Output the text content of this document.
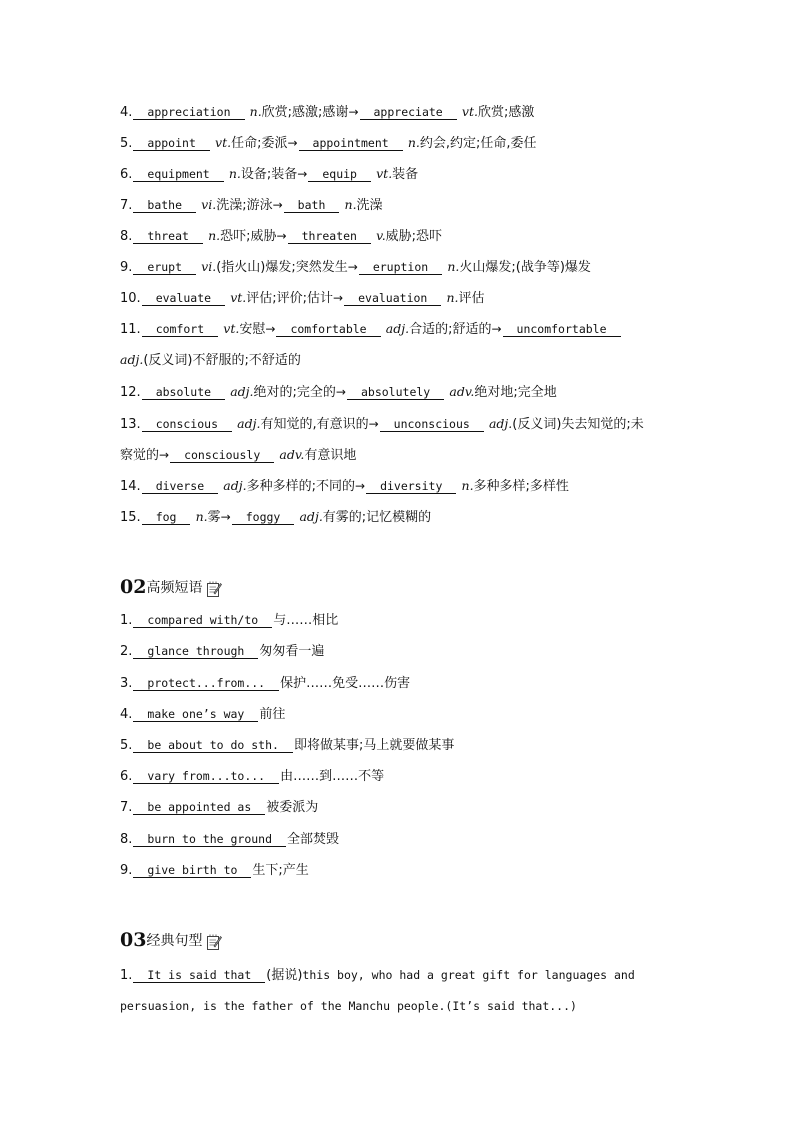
4. appreciation n.欣赏;感激;感谢→ appreciate vt.欣赏;感激
5. appoint vt.任命;委派→ appointment n.约会,约定;任命,委任
6. equipment n.设备;装备→ equip vt.装备
7. bathe vi.洗澡;游泳→ bath n.洗澡
8. threat n.恐吓;威胁→ threaten v.威胁;恐吓
9. erupt vi.(指火山)爆发;突然发生→ eruption n.火山爆发;(战争等)爆发
10. evaluate vt.评估;评价;估计→ evaluation n.评估
11. comfort vt.安慰→ comfortable adj.合适的;舒适的→ uncomfortable
adj.(反义词)不舒服的;不舒适的
12. absolute adj.绝对的;完全的→ absolutely adv.绝对地;完全地
13. conscious adj.有知觉的,有意识的→ unconscious adj.(反义词)失去知觉的;未
察觉的→ consciously adv.有意识地
14. diverse adj.多种多样的;不同的→ diversity n.多种多样;多样性
15. fog n.雾→ foggy adj.有雾的;记忆模糊的
02 高频短语
1. compared with/to 与……相比
2. glance through 匆匆看一遍
3. protect...from... 保护……免受……伤害
4. make one’s way 前往
5. be about to do sth. 即将做某事;马上就要做某事
6. vary from...to... 由……到……不等
7. be appointed as 被委派为
8. burn to the ground 全部焚毁
9. give birth to 生下;产生
03 经典句型
1. It is said that (据说)this boy, who had a great gift for languages and
persuasion, is the father of the Manchu people.(It’s said that...)
